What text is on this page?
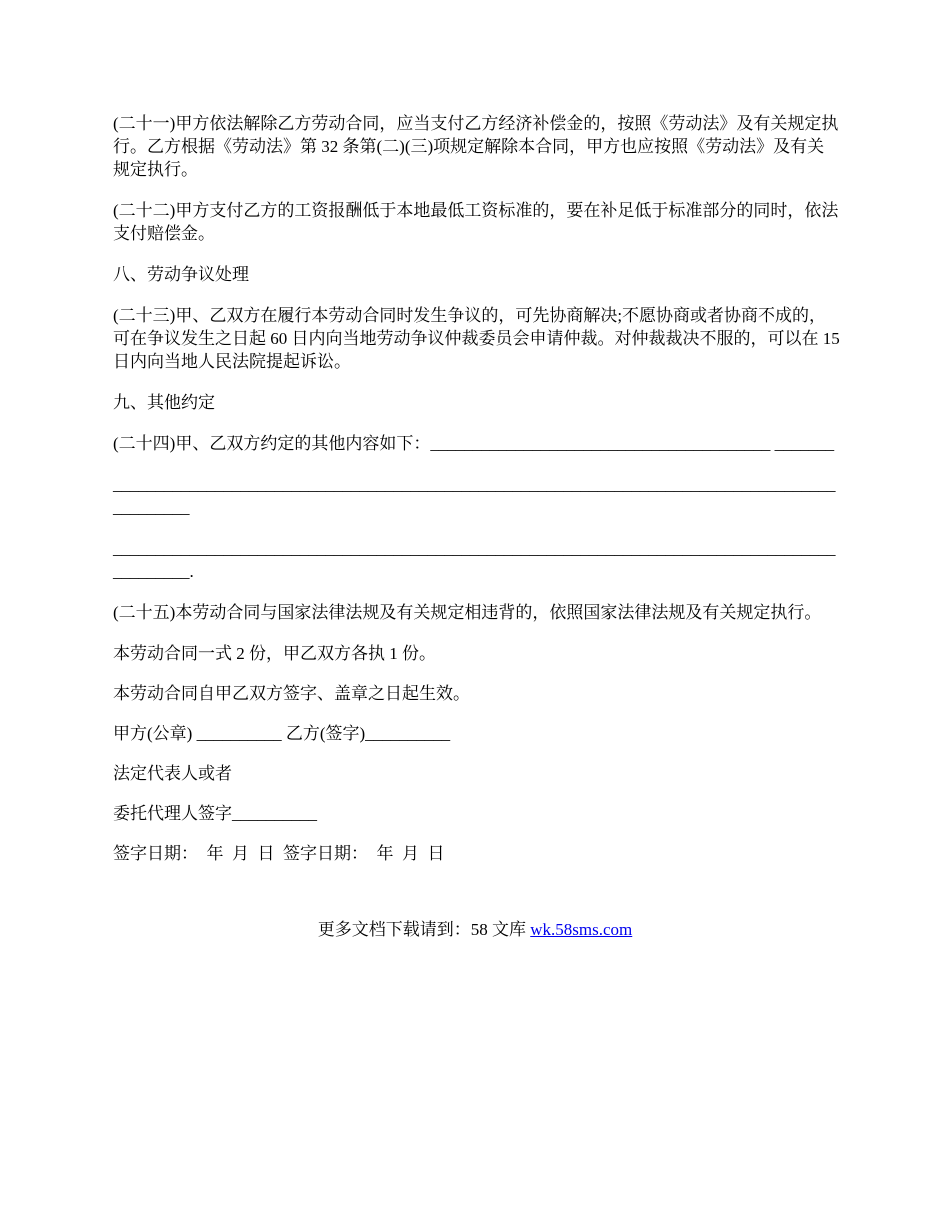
(二十一)甲方依法解除乙方劳动合同，应当支付乙方经济补偿金的，按照《劳动法》及有关规定执行。乙方根据《劳动法》第 32 条第(二)(三)项规定解除本合同，甲方也应按照《劳动法》及有关规定执行。

(二十二)甲方支付乙方的工资报酬低于本地最低工资标准的，要在补足低于标准部分的同时，依法支付赔偿金。

八、劳动争议处理

(二十三)甲、乙双方在履行本劳动合同时发生争议的，可先协商解决;不愿协商或者协商不成的，可在争议发生之日起 60 日内向当地劳动争议仲裁委员会申请仲裁。对仲裁裁决不服的，可以在 15 日内向当地人民法院提起诉讼。

九、其他约定

(二十四)甲、乙双方约定的其他内容如下：________________________________________ _______

______________________________________________________________________________________________

______________________________________________________________________________________________.

(二十五)本劳动合同与国家法律法规及有关规定相违背的，依照国家法律法规及有关规定执行。

本劳动合同一式 2 份，甲乙双方各执 1 份。

本劳动合同自甲乙双方签字、盖章之日起生效。

甲方(公章) __________ 乙方(签字)__________

法定代表人或者

委托代理人签字__________

签字日期：  年  月  日  签字日期：  年  月  日

更多文档下载请到：58 文库 wk.58sms.com
